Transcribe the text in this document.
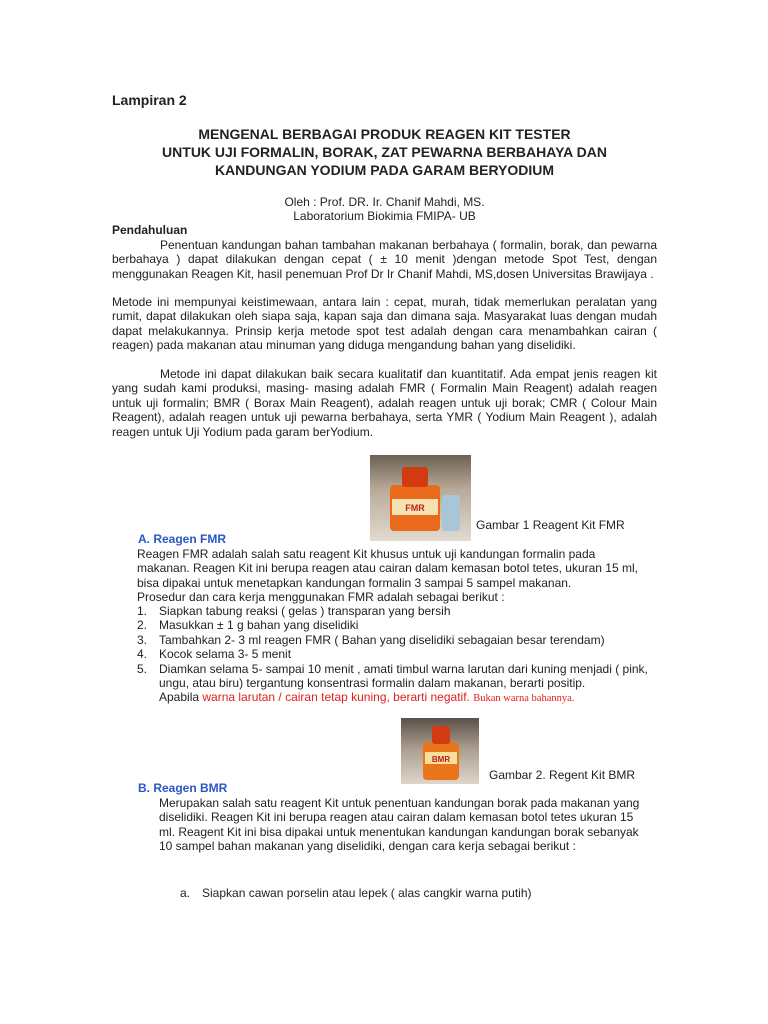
Lampiran 2
MENGENAL BERBAGAI PRODUK REAGEN KIT TESTER
UNTUK UJI FORMALIN, BORAK, ZAT PEWARNA BERBAHAYA DAN
KANDUNGAN YODIUM PADA GARAM BERYODIUM
Oleh : Prof. DR. Ir. Chanif Mahdi, MS.
Laboratorium Biokimia FMIPA- UB
Pendahuluan
Penentuan kandungan bahan tambahan makanan berbahaya ( formalin, borak, dan pewarna berbahaya ) dapat dilakukan dengan cepat ( ± 10 menit )dengan metode Spot Test, dengan menggunakan Reagen Kit, hasil penemuan Prof Dr Ir Chanif Mahdi, MS,dosen Universitas Brawijaya .
Metode ini mempunyai keistimewaan, antara lain : cepat, murah, tidak memerlukan peralatan yang rumit, dapat dilakukan oleh siapa saja, kapan saja dan dimana saja. Masyarakat luas dengan mudah dapat melakukannya. Prinsip kerja metode spot test adalah dengan cara menambahkan cairan ( reagen) pada makanan atau minuman yang diduga mengandung bahan yang diselidiki.
Metode ini dapat dilakukan baik secara kualitatif dan kuantitatif. Ada empat jenis reagen kit yang sudah kami produksi, masing- masing adalah FMR ( Formalin Main Reagent) adalah reagen untuk uji formalin; BMR ( Borax Main Reagent), adalah reagen untuk uji borak; CMR ( Colour Main Reagent), adalah reagen untuk uji pewarna berbahaya, serta YMR ( Yodium Main Reagent ), adalah reagen untuk Uji Yodium pada garam berYodium.
FMR
Gambar 1 Reagent Kit FMR
A. Reagen FMR
Reagen FMR adalah salah satu reagent Kit khusus untuk uji kandungan formalin pada makanan. Reagen Kit ini berupa reagen atau cairan dalam kemasan botol tetes, ukuran 15 ml, bisa dipakai untuk menetapkan kandungan formalin 3 sampai 5 sampel makanan.
Prosedur dan cara kerja menggunakan FMR adalah sebagai berikut :
1. Siapkan tabung reaksi ( gelas ) transparan yang bersih
2. Masukkan ± 1 g bahan yang diselidiki
3. Tambahkan 2- 3 ml reagen FMR ( Bahan yang diselidiki sebagaian besar terendam)
4. Kocok selama 3- 5 menit
5. Diamkan selama 5- sampai 10 menit , amati timbul warna larutan dari kuning menjadi ( pink, ungu, atau biru) tergantung konsentrasi formalin dalam makanan, berarti positip.
Apabila warna larutan / cairan tetap kuning, berarti negatif. Bukan warna bahannya.
BMR
Gambar 2. Regent Kit BMR
B. Reagen BMR
Merupakan salah satu reagent Kit untuk penentuan kandungan borak pada makanan yang diselidiki. Reagen Kit ini berupa reagen atau cairan dalam kemasan botol tetes ukuran 15 ml. Reagent Kit ini bisa dipakai untuk menentukan kandungan kandungan borak sebanyak 10 sampel bahan makanan yang diselidiki, dengan cara kerja sebagai berikut :
a. Siapkan cawan porselin atau lepek ( alas cangkir warna putih)
